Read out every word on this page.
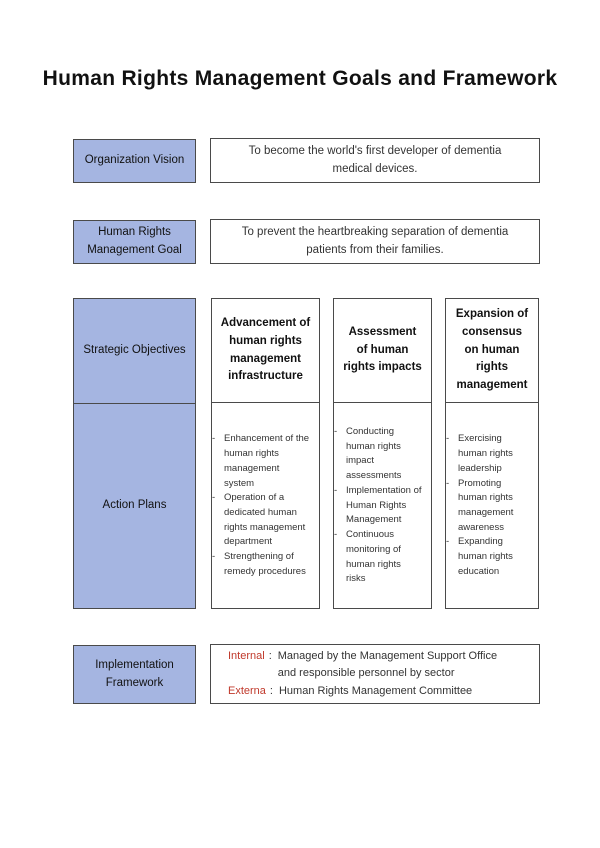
Human Rights Management Goals and Framework
Organization Vision
To become the world's first developer of dementia medical devices.
Human Rights
Management Goal
To prevent the heartbreaking separation of dementia patients from their families.
Strategic Objectives
Action Plans
Advancement of human rights management infrastructure
- Enhancement of the human rights management system
- Operation of a dedicated human rights management department
- Strengthening of remedy procedures
Assessment of human rights impacts
- Conducting human rights impact assessments
- Implementation of Human Rights Management
- Continuous monitoring of human rights risks
Expansion of consensus on human rights management
- Exercising human rights leadership
- Promoting human rights management awareness
- Expanding human rights education
Implementation
Framework
Internal : Managed by the Management Support Office
and responsible personnel by sector
Externa : Human Rights Management Committee
